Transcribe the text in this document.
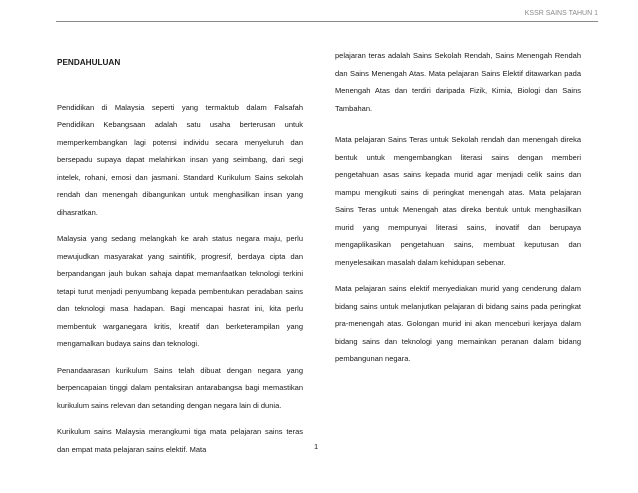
KSSR SAINS TAHUN 1

PENDAHULUAN

Pendidikan di Malaysia seperti yang termaktub dalam Falsafah Pendidikan Kebangsaan adalah satu usaha berterusan untuk memperkembangkan lagi potensi individu secara menyeluruh dan bersepadu supaya dapat melahirkan insan yang seimbang, dari segi intelek, rohani, emosi dan jasmani. Standard Kurikulum Sains sekolah rendah dan menengah dibangunkan untuk menghasilkan insan yang dihasratkan.

Malaysia yang sedang melangkah ke arah status negara maju, perlu mewujudkan masyarakat yang saintifik, progresif, berdaya cipta dan berpandangan jauh bukan sahaja dapat memanfaatkan teknologi terkini tetapi turut menjadi penyumbang kepada pembentukan peradaban sains dan teknologi masa hadapan. Bagi mencapai hasrat ini, kita perlu membentuk warganegara kritis, kreatif dan berketerampilan yang mengamalkan budaya sains dan teknologi.

Penandaarasan kurikulum Sains telah dibuat dengan negara yang berpencapaian tinggi dalam pentaksiran antarabangsa bagi memastikan kurikulum sains relevan dan setanding dengan negara lain di dunia.

Kurikulum sains Malaysia merangkumi tiga mata pelajaran sains teras dan empat mata pelajaran sains elektif. Mata

pelajaran teras adalah Sains Sekolah Rendah, Sains Menengah Rendah dan Sains Menengah Atas. Mata pelajaran Sains Elektif ditawarkan pada Menengah Atas dan terdiri daripada Fizik, Kimia, Biologi dan Sains Tambahan.

Mata pelajaran Sains Teras untuk Sekolah rendah dan menengah direka bentuk untuk mengembangkan literasi sains dengan memberi pengetahuan asas sains kepada murid agar menjadi celik sains dan mampu mengikuti sains di peringkat menengah atas. Mata pelajaran Sains Teras untuk Menengah atas direka bentuk untuk menghasilkan murid yang mempunyai literasi sains, inovatif dan berupaya mengaplikasikan pengetahuan sains, membuat keputusan dan menyelesaikan masalah dalam kehidupan sebenar.

Mata pelajaran sains elektif menyediakan murid yang cenderung dalam bidang sains untuk melanjutkan pelajaran di bidang sains pada peringkat pra-menengah atas. Golongan murid ini akan menceburi kerjaya dalam bidang sains dan teknologi yang memainkan peranan dalam bidang pembangunan negara.

1
